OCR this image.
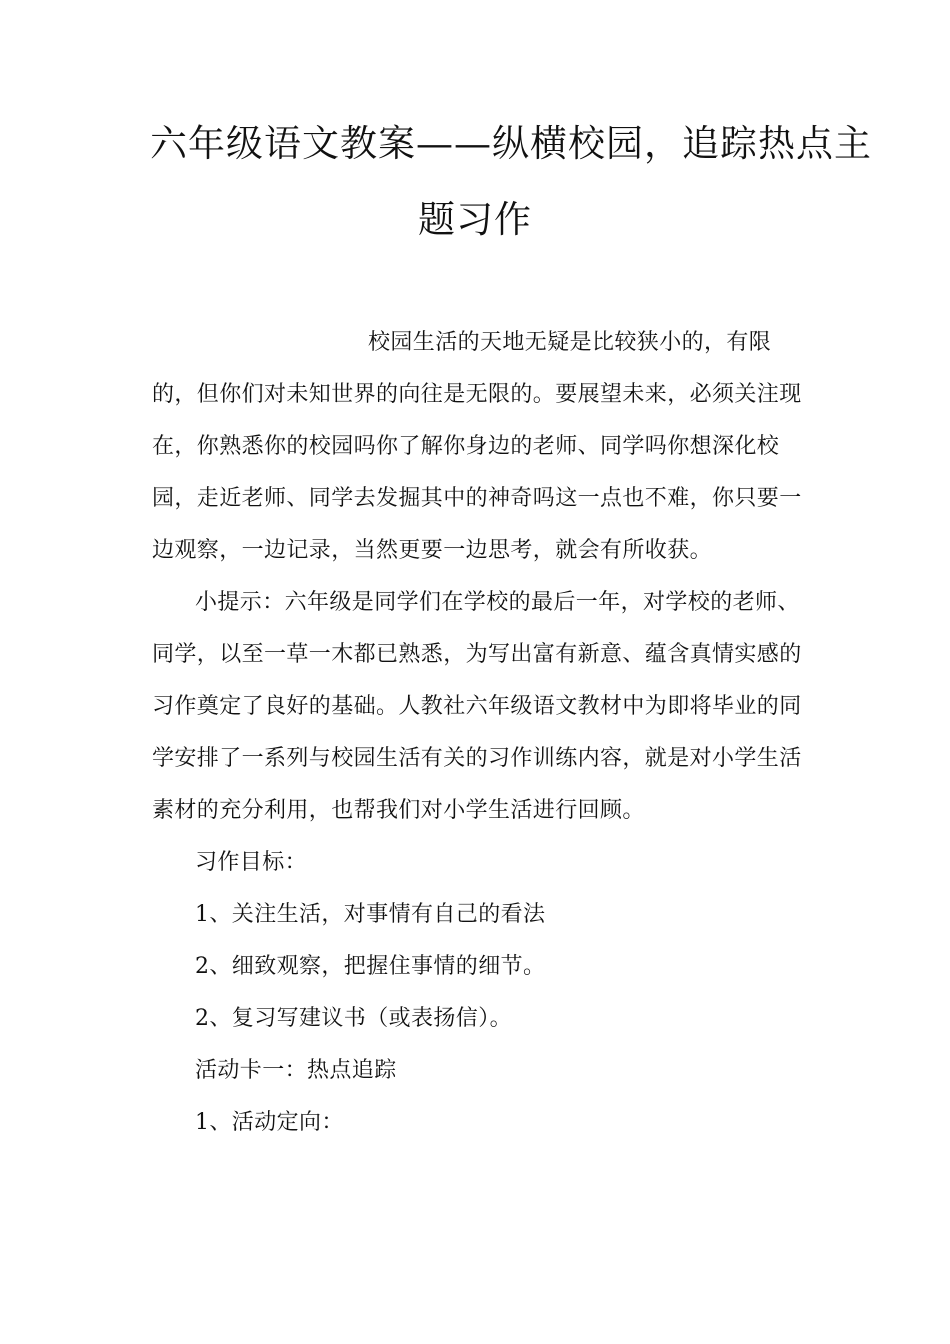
六年级语文教案——纵横校园，追踪热点主
题习作
校园生活的天地无疑是比较狭小的，有限
的，但你们对未知世界的向往是无限的。要展望未来，必须关注现
在，你熟悉你的校园吗你了解你身边的老师、同学吗你想深化校
园，走近老师、同学去发掘其中的神奇吗这一点也不难，你只要一
边观察，一边记录，当然更要一边思考，就会有所收获。
小提示：六年级是同学们在学校的最后一年，对学校的老师、
同学，以至一草一木都已熟悉，为写出富有新意、蕴含真情实感的
习作奠定了良好的基础。人教社六年级语文教材中为即将毕业的同
学安排了一系列与校园生活有关的习作训练内容，就是对小学生活
素材的充分利用，也帮我们对小学生活进行回顾。
习作目标：
1、关注生活，对事情有自己的看法
2、细致观察，把握住事情的细节。
2、复习写建议书（或表扬信）。
活动卡一：热点追踪
1、活动定向：
